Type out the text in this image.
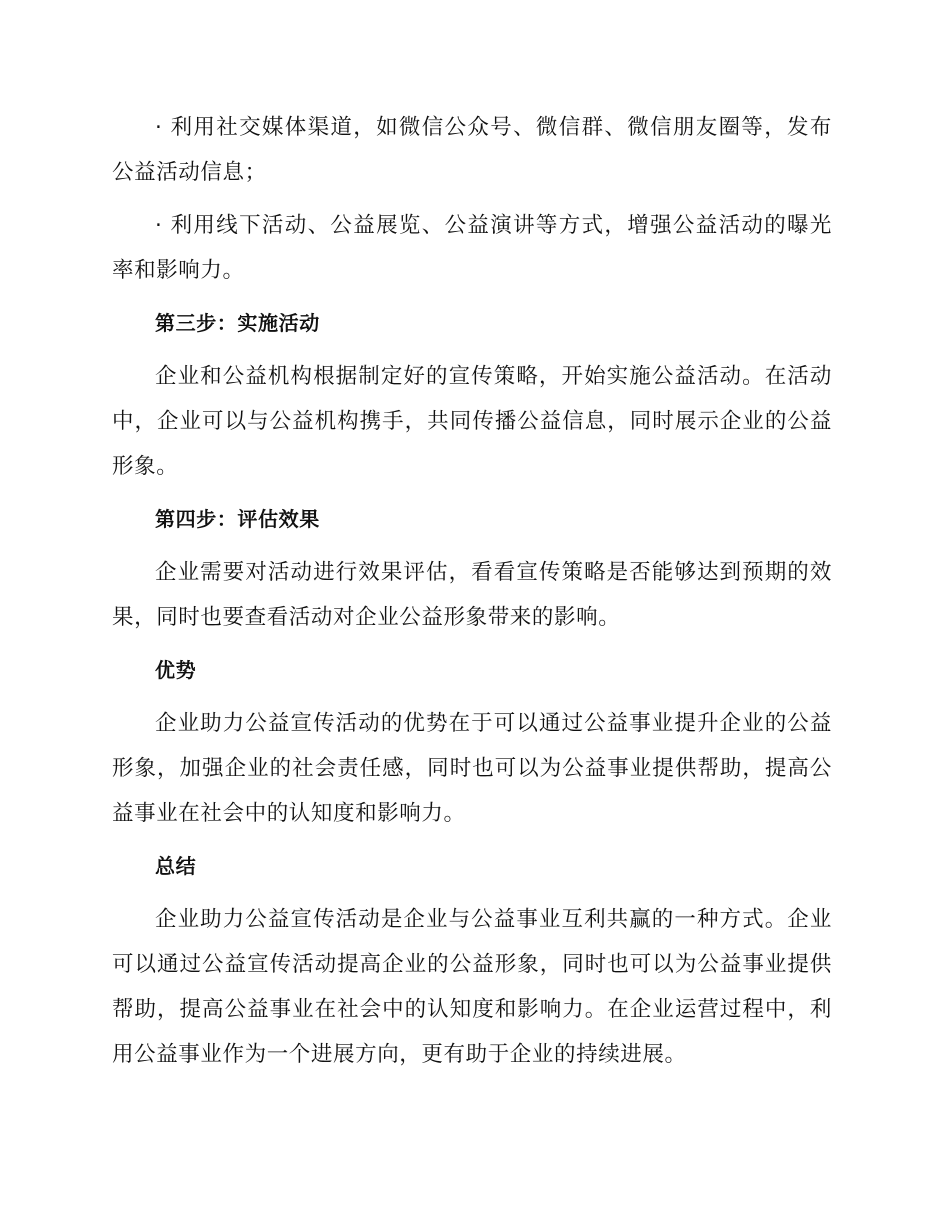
· 利用社交媒体渠道，如微信公众号、微信群、微信朋友圈等，发布公益活动信息；

· 利用线下活动、公益展览、公益演讲等方式，增强公益活动的曝光率和影响力。

第三步：实施活动

企业和公益机构根据制定好的宣传策略，开始实施公益活动。在活动中，企业可以与公益机构携手，共同传播公益信息，同时展示企业的公益形象。

第四步：评估效果

企业需要对活动进行效果评估，看看宣传策略是否能够达到预期的效果，同时也要查看活动对企业公益形象带来的影响。

优势

企业助力公益宣传活动的优势在于可以通过公益事业提升企业的公益形象，加强企业的社会责任感，同时也可以为公益事业提供帮助，提高公益事业在社会中的认知度和影响力。

总结

企业助力公益宣传活动是企业与公益事业互利共赢的一种方式。企业可以通过公益宣传活动提高企业的公益形象，同时也可以为公益事业提供帮助，提高公益事业在社会中的认知度和影响力。在企业运营过程中，利用公益事业作为一个进展方向，更有助于企业的持续进展。
